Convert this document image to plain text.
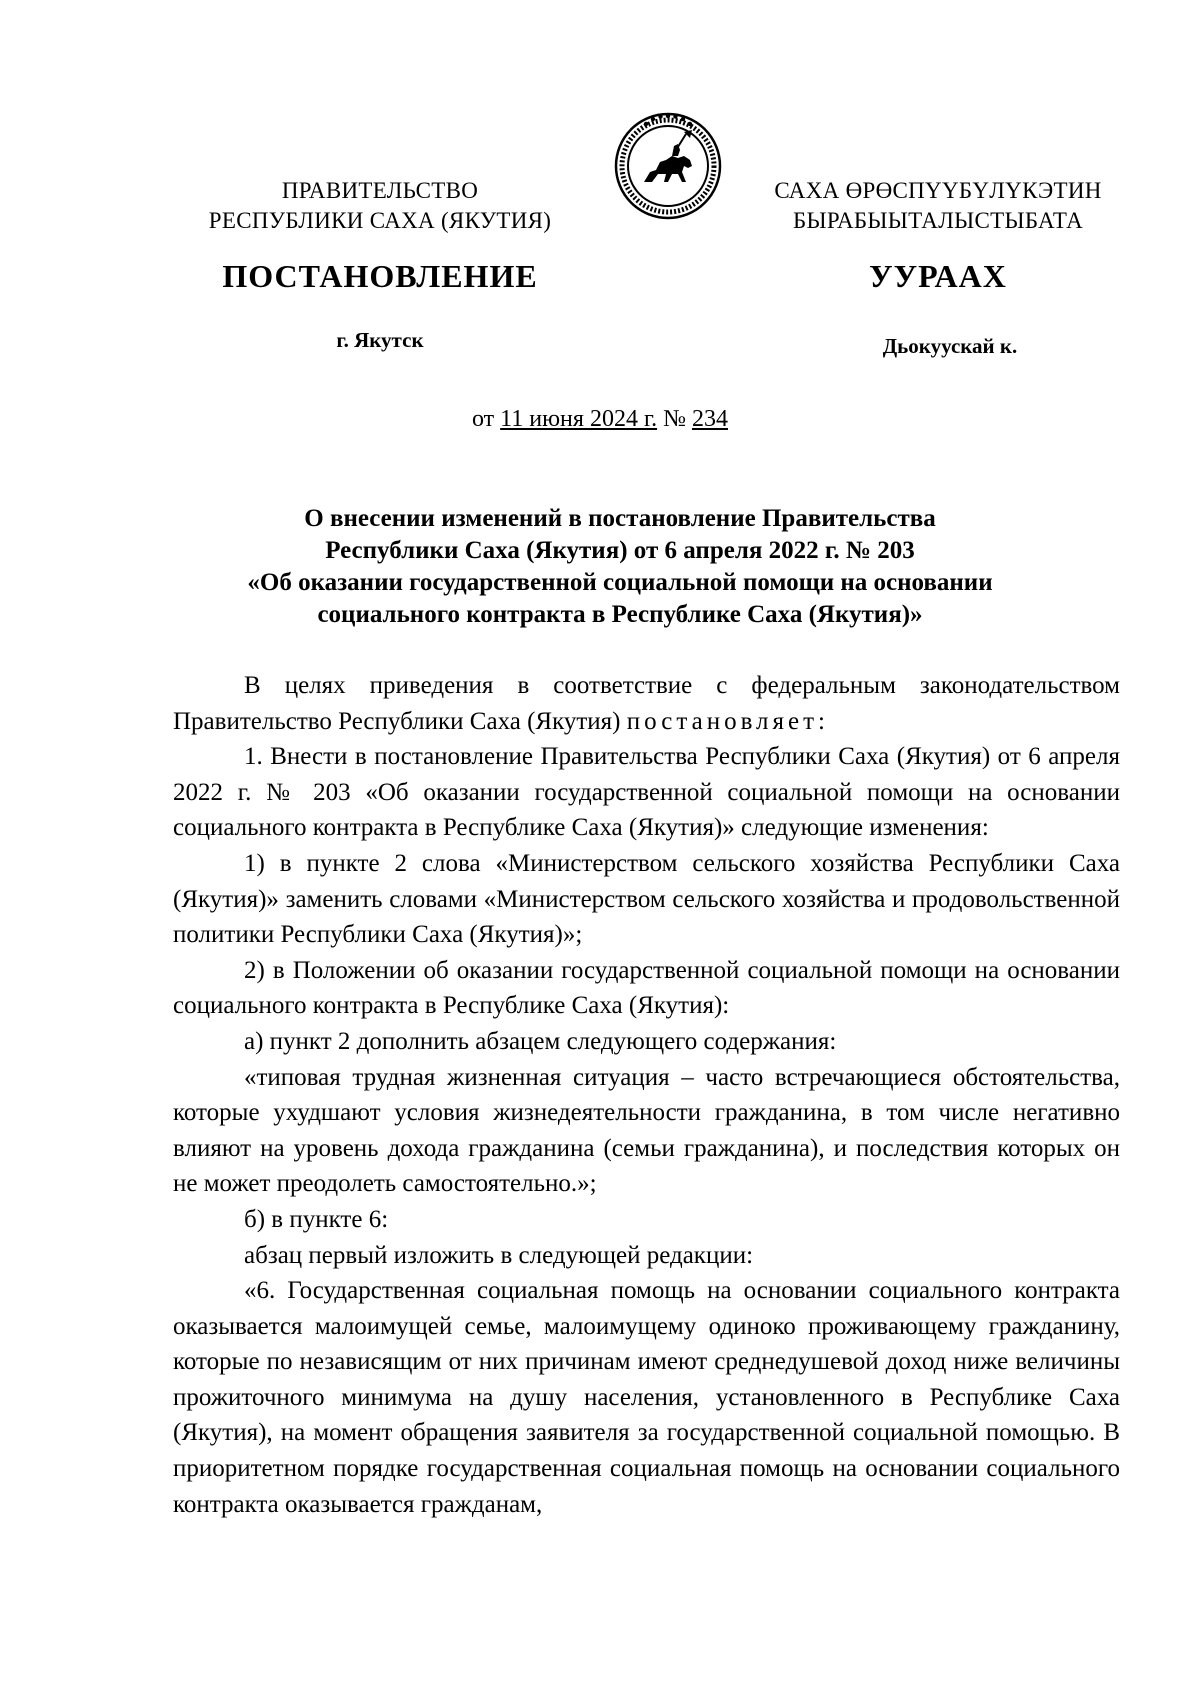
ПРАВИТЕЛЬСТВО
РЕСПУБЛИКИ САХА (ЯКУТИЯ)
САХА ӨРӨСПҮҮБҮЛҮКЭТИН
БЫРАБЫЫТАЛЫСТЫБАТА
ПОСТАНОВЛЕНИЕ	УУРААХ
г. Якутск	Дьокуускай к.
от 11 июня 2024 г. № 234
О внесении изменений в постановление Правительства
Республики Саха (Якутия) от 6 апреля 2022 г. № 203
«Об оказании государственной социальной помощи на основании
социального контракта в Республике Саха (Якутия)»

В целях приведения в соответствие с федеральным законодательством Правительство Республики Саха (Якутия) постановляет:

1. Внести в постановление Правительства Республики Саха (Якутия) от 6 апреля 2022 г. № 203 «Об оказании государственной социальной помощи на основании социального контракта в Республике Саха (Якутия)» следующие изменения:

1) в пункте 2 слова «Министерством сельского хозяйства Республики Саха (Якутия)» заменить словами «Министерством сельского хозяйства и продовольственной политики Республики Саха (Якутия)»;

2) в Положении об оказании государственной социальной помощи на основании социального контракта в Республике Саха (Якутия):

а) пункт 2 дополнить абзацем следующего содержания:

«типовая трудная жизненная ситуация – часто встречающиеся обстоятельства, которые ухудшают условия жизнедеятельности гражданина, в том числе негативно влияют на уровень дохода гражданина (семьи гражданина), и последствия которых он не может преодолеть самостоятельно.»;

б) в пункте 6:

абзац первый изложить в следующей редакции:

«6. Государственная социальная помощь на основании социального контракта оказывается малоимущей семье, малоимущему одиноко проживающему гражданину, которые по независящим от них причинам имеют среднедушевой доход ниже величины прожиточного минимума на душу населения, установленного в Республике Саха (Якутия), на момент обращения заявителя за государственной социальной помощью. В приоритетном порядке государственная социальная помощь на основании социального контракта оказывается гражданам,
